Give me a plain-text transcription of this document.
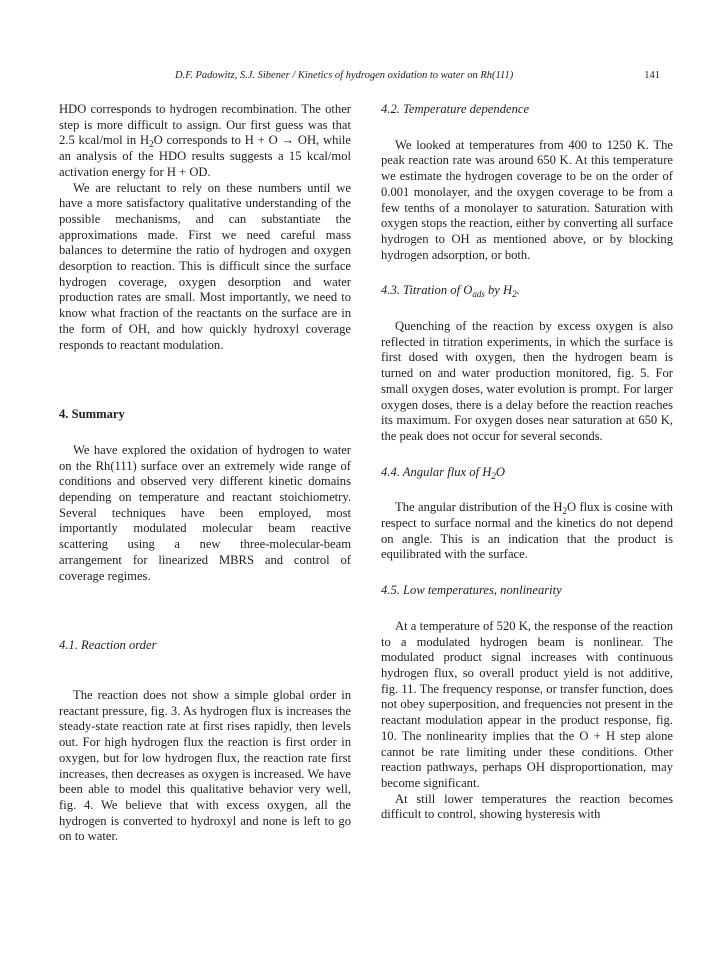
D.F. Padowitz, S.J. Sibener / Kinetics of hydrogen oxidation to water on Rh(111)	141

HDO corresponds to hydrogen recombination. The other step is more difficult to assign. Our first guess was that 2.5 kcal/mol in $H_2O$ corresponds to H + O → OH, while an analysis of the HDO results suggests a 15 kcal/mol activation energy for H + OD.

We are reluctant to rely on these numbers until we have a more satisfactory qualitative understanding of the possible mechanisms, and can substantiate the approximations made. First we need careful mass balances to determine the ratio of hydrogen and oxygen desorption to reaction. This is difficult since the surface hydrogen coverage, oxygen desorption and water production rates are small. Most importantly, we need to know what fraction of the reactants on the surface are in the form of OH, and how quickly hydroxyl coverage responds to reactant modulation.

4. Summary

We have explored the oxidation of hydrogen to water on the Rh(111) surface over an extremely wide range of conditions and observed very different kinetic domains depending on temperature and reactant stoichiometry. Several techniques have been employed, most importantly modulated molecular beam reactive scattering using a new three-molecular-beam arrangement for linearized MBRS and control of coverage regimes.

4.1. Reaction order

The reaction does not show a simple global order in reactant pressure, fig. 3. As hydrogen flux is increases the steady-state reaction rate at first rises rapidly, then levels out. For high hydrogen flux the reaction is first order in oxygen, but for low hydrogen flux, the reaction rate first increases, then decreases as oxygen is increased. We have been able to model this qualitative behavior very well, fig. 4. We believe that with excess oxygen, all the hydrogen is converted to hydroxyl and none is left to go on to water.

4.2. Temperature dependence

We looked at temperatures from 400 to 1250 K. The peak reaction rate was around 650 K. At this temperature we estimate the hydrogen coverage to be on the order of 0.001 monolayer, and the oxygen coverage to be from a few tenths of a monolayer to saturation. Saturation with oxygen stops the reaction, either by converting all surface hydrogen to OH as mentioned above, or by blocking hydrogen adsorption, or both.

4.3. Titration of $O_{ads}$ by $H_2$.

Quenching of the reaction by excess oxygen is also reflected in titration experiments, in which the surface is first dosed with oxygen, then the hydrogen beam is turned on and water production monitored, fig. 5. For small oxygen doses, water evolution is prompt. For larger oxygen doses, there is a delay before the reaction reaches its maximum. For oxygen doses near saturation at 650 K, the peak does not occur for several seconds.

4.4. Angular flux of $H_2O$

The angular distribution of the $H_2O$ flux is cosine with respect to surface normal and the kinetics do not depend on angle. This is an indication that the product is equilibrated with the surface.

4.5. Low temperatures, nonlinearity

At a temperature of 520 K, the response of the reaction to a modulated hydrogen beam is nonlinear. The modulated product signal increases with continuous hydrogen flux, so overall product yield is not additive, fig. 11. The frequency response, or transfer function, does not obey superposition, and frequencies not present in the reactant modulation appear in the product response, fig. 10. The nonlinearity implies that the O + H step alone cannot be rate limiting under these conditions. Other reaction pathways, perhaps OH disproportionation, may become significant.

At still lower temperatures the reaction becomes difficult to control, showing hysteresis with
